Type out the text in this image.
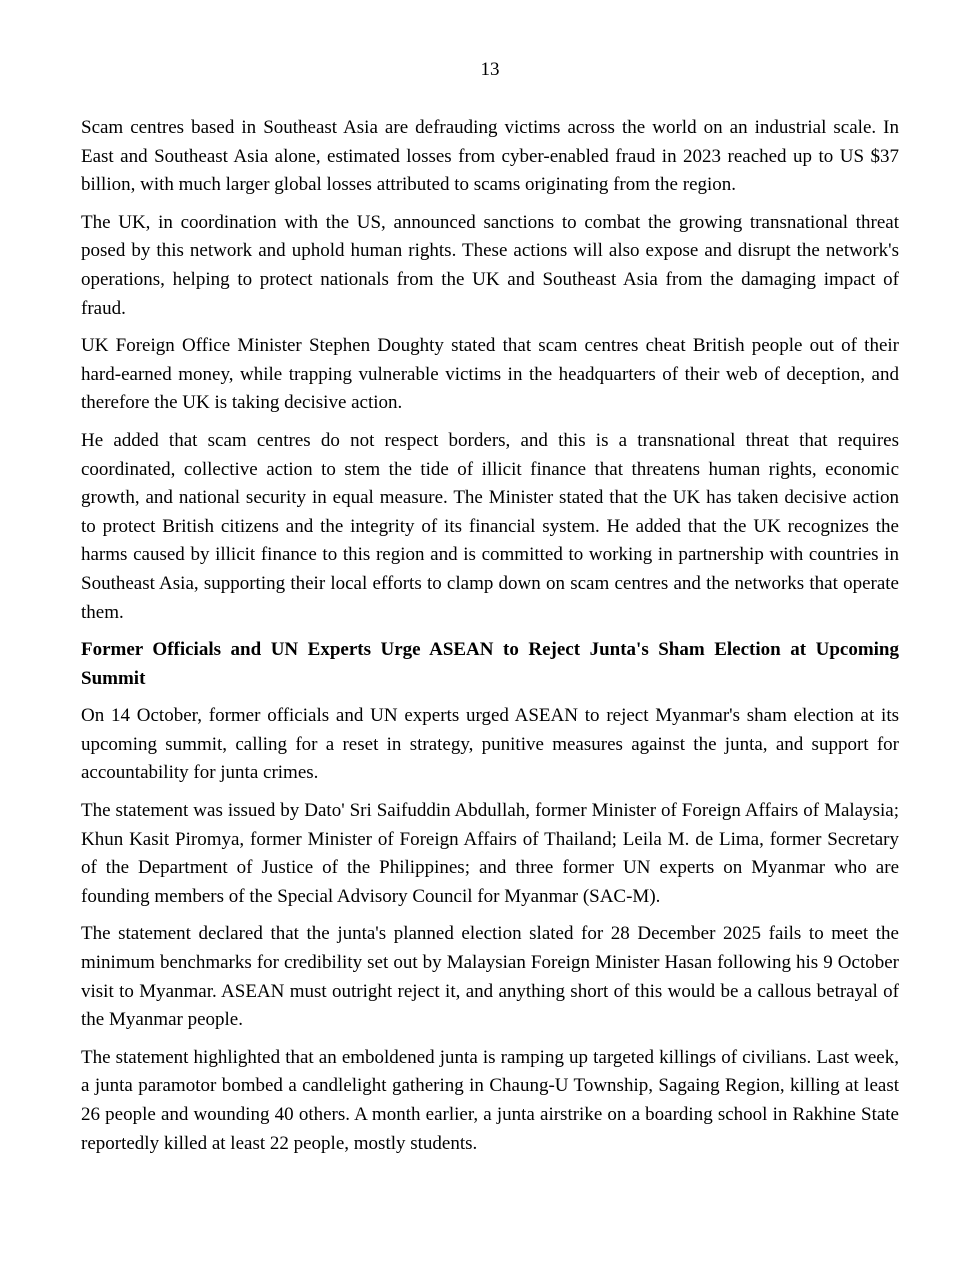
13

Scam centres based in Southeast Asia are defrauding victims across the world on an industrial scale. In East and Southeast Asia alone, estimated losses from cyber-enabled fraud in 2023 reached up to US $37 billion, with much larger global losses attributed to scams originating from the region.

The UK, in coordination with the US, announced sanctions to combat the growing transnational threat posed by this network and uphold human rights. These actions will also expose and disrupt the network's operations, helping to protect nationals from the UK and Southeast Asia from the damaging impact of fraud.

UK Foreign Office Minister Stephen Doughty stated that scam centres cheat British people out of their hard-earned money, while trapping vulnerable victims in the headquarters of their web of deception, and therefore the UK is taking decisive action.

He added that scam centres do not respect borders, and this is a transnational threat that requires coordinated, collective action to stem the tide of illicit finance that threatens human rights, economic growth, and national security in equal measure. The Minister stated that the UK has taken decisive action to protect British citizens and the integrity of its financial system. He added that the UK recognizes the harms caused by illicit finance to this region and is committed to working in partnership with countries in Southeast Asia, supporting their local efforts to clamp down on scam centres and the networks that operate them.

Former Officials and UN Experts Urge ASEAN to Reject Junta's Sham Election at Upcoming Summit

On 14 October, former officials and UN experts urged ASEAN to reject Myanmar's sham election at its upcoming summit, calling for a reset in strategy, punitive measures against the junta, and support for accountability for junta crimes.

The statement was issued by Dato' Sri Saifuddin Abdullah, former Minister of Foreign Affairs of Malaysia; Khun Kasit Piromya, former Minister of Foreign Affairs of Thailand; Leila M. de Lima, former Secretary of the Department of Justice of the Philippines; and three former UN experts on Myanmar who are founding members of the Special Advisory Council for Myanmar (SAC-M).

The statement declared that the junta's planned election slated for 28 December 2025 fails to meet the minimum benchmarks for credibility set out by Malaysian Foreign Minister Hasan following his 9 October visit to Myanmar. ASEAN must outright reject it, and anything short of this would be a callous betrayal of the Myanmar people.

The statement highlighted that an emboldened junta is ramping up targeted killings of civilians. Last week, a junta paramotor bombed a candlelight gathering in Chaung-U Township, Sagaing Region, killing at least 26 people and wounding 40 others. A month earlier, a junta airstrike on a boarding school in Rakhine State reportedly killed at least 22 people, mostly students.
